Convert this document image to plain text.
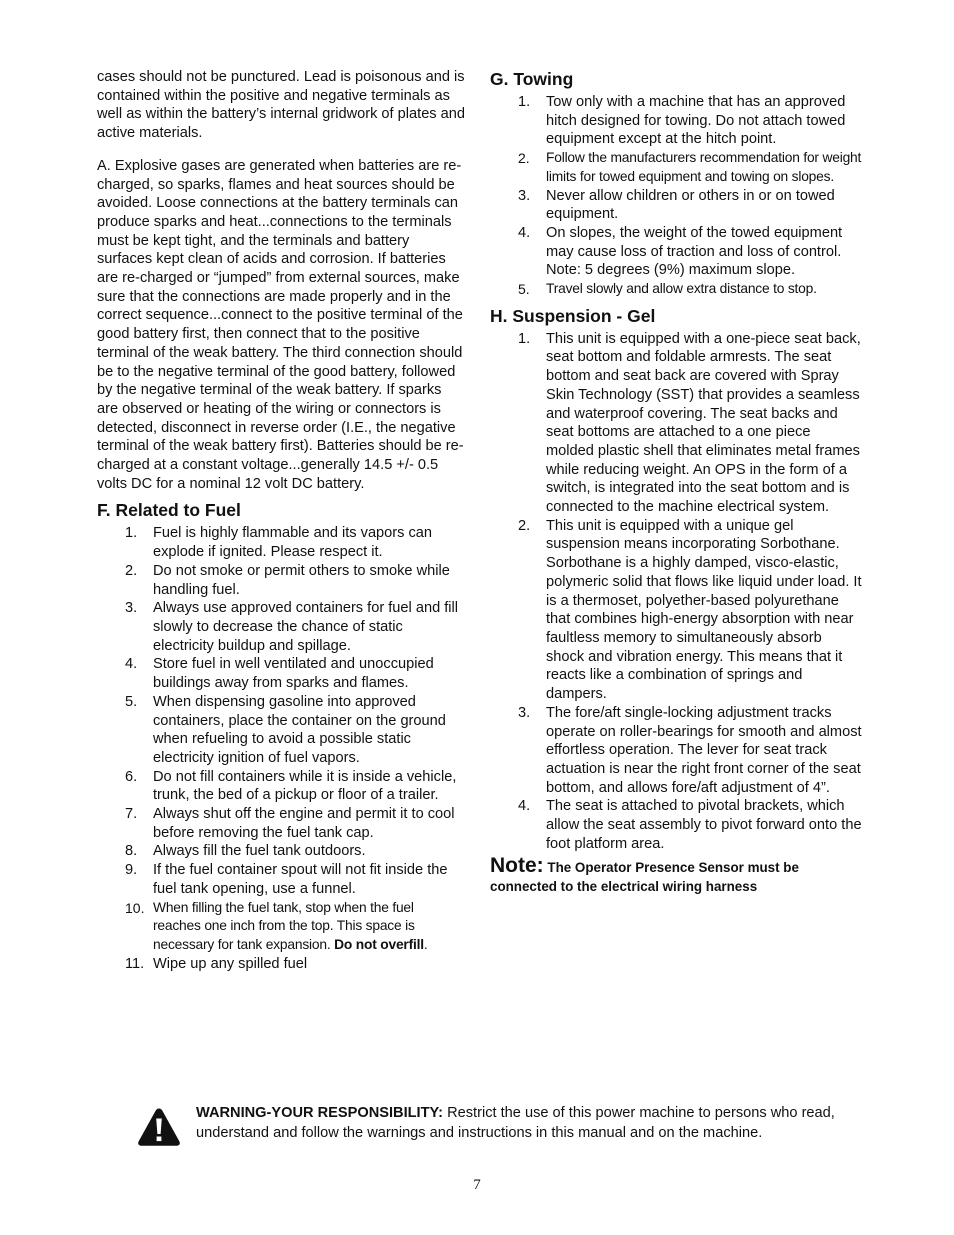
cases should not be punctured. Lead is poisonous and is contained within the positive and negative terminals as well as within the battery’s internal gridwork of plates and active materials.

A. Explosive gases are generated when batteries are re-charged, so sparks, flames and heat sources should be avoided. Loose connections at the battery terminals can produce sparks and heat...connections to the terminals must be kept tight, and the terminals and battery surfaces kept clean of acids and corrosion. If batteries are re-charged or “jumped” from external sources, make sure that the connections are made properly and in the correct sequence...connect to the positive terminal of the good battery first, then connect that to the positive terminal of the weak battery. The third connection should be to the negative terminal of the good battery, followed by the negative terminal of the weak battery. If sparks are observed or heating of the wiring or connectors is detected, disconnect in reverse order (I.E., the negative terminal of the weak battery first). Batteries should be re-charged at a constant voltage...generally 14.5 +/- 0.5 volts DC for a nominal 12 volt DC battery.

F. Related to Fuel
1.	Fuel is highly flammable and its vapors can explode if ignited. Please respect it.
2.	Do not smoke or permit others to smoke while handling fuel.
3.	Always use approved containers for fuel and fill slowly to decrease the chance of static electricity buildup and spillage.
4.	Store fuel in well ventilated and unoccupied buildings away from sparks and flames.
5.	When dispensing gasoline into approved containers, place the container on the ground when refueling to avoid a possible static electricity ignition of fuel vapors.
6.	Do not fill containers while it is inside a vehicle, trunk, the bed of a pickup or floor of a trailer.
7.	Always shut off the engine and permit it to cool before removing the fuel tank cap.
8.	Always fill the fuel tank outdoors.
9.	If the fuel container spout will not fit inside the fuel tank opening, use a funnel.
10. When filling the fuel tank, stop when the fuel reaches one inch from the top. This space is necessary for tank expansion. Do not overfill.
11. Wipe up any spilled fuel
G. Towing
1.	Tow only with a machine that has an approved hitch designed for towing. Do not attach towed equipment except at the hitch point.
2.	Follow the manufacturers recommendation for weight limits for towed equipment and towing on slopes.
3.	Never allow children or others in or on towed equipment.
4.	On slopes, the weight of the towed equipment may cause loss of traction and loss of control. Note: 5 degrees (9%) maximum slope.
5.	Travel slowly and allow extra distance to stop.
H. Suspension - Gel
1.	This unit is equipped with a one-piece seat back, seat bottom and foldable armrests. The seat bottom and seat back are covered with Spray Skin Technology (SST) that provides a seamless and waterproof covering. The seat backs and seat bottoms are attached to a one piece molded plastic shell that eliminates metal frames while reducing weight. An OPS in the form of a switch, is integrated into the seat bottom and is connected to the machine electrical system.
2.	This unit is equipped with a unique gel suspension means incorporating Sorbothane. Sorbothane is a highly damped, visco-elastic, polymeric solid that flows like liquid under load. It is a thermoset, polyether-based polyurethane that combines high-energy absorption with near faultless memory to simultaneously absorb shock and vibration energy. This means that it reacts like a combination of springs and dampers.
3.	The fore/aft single-locking adjustment tracks operate on roller-bearings for smooth and almost effortless operation. The lever for seat track actuation is near the right front corner of the seat bottom, and allows fore/aft adjustment of 4”.
4.	The seat is attached to pivotal brackets, which allow the seat assembly to pivot forward onto the foot platform area.
Note: The Operator Presence Sensor must be connected to the electrical wiring harness
WARNING-YOUR RESPONSIBILITY: Restrict the use of this power machine to persons who read, understand and follow the warnings and instructions in this manual and on the machine.
7
